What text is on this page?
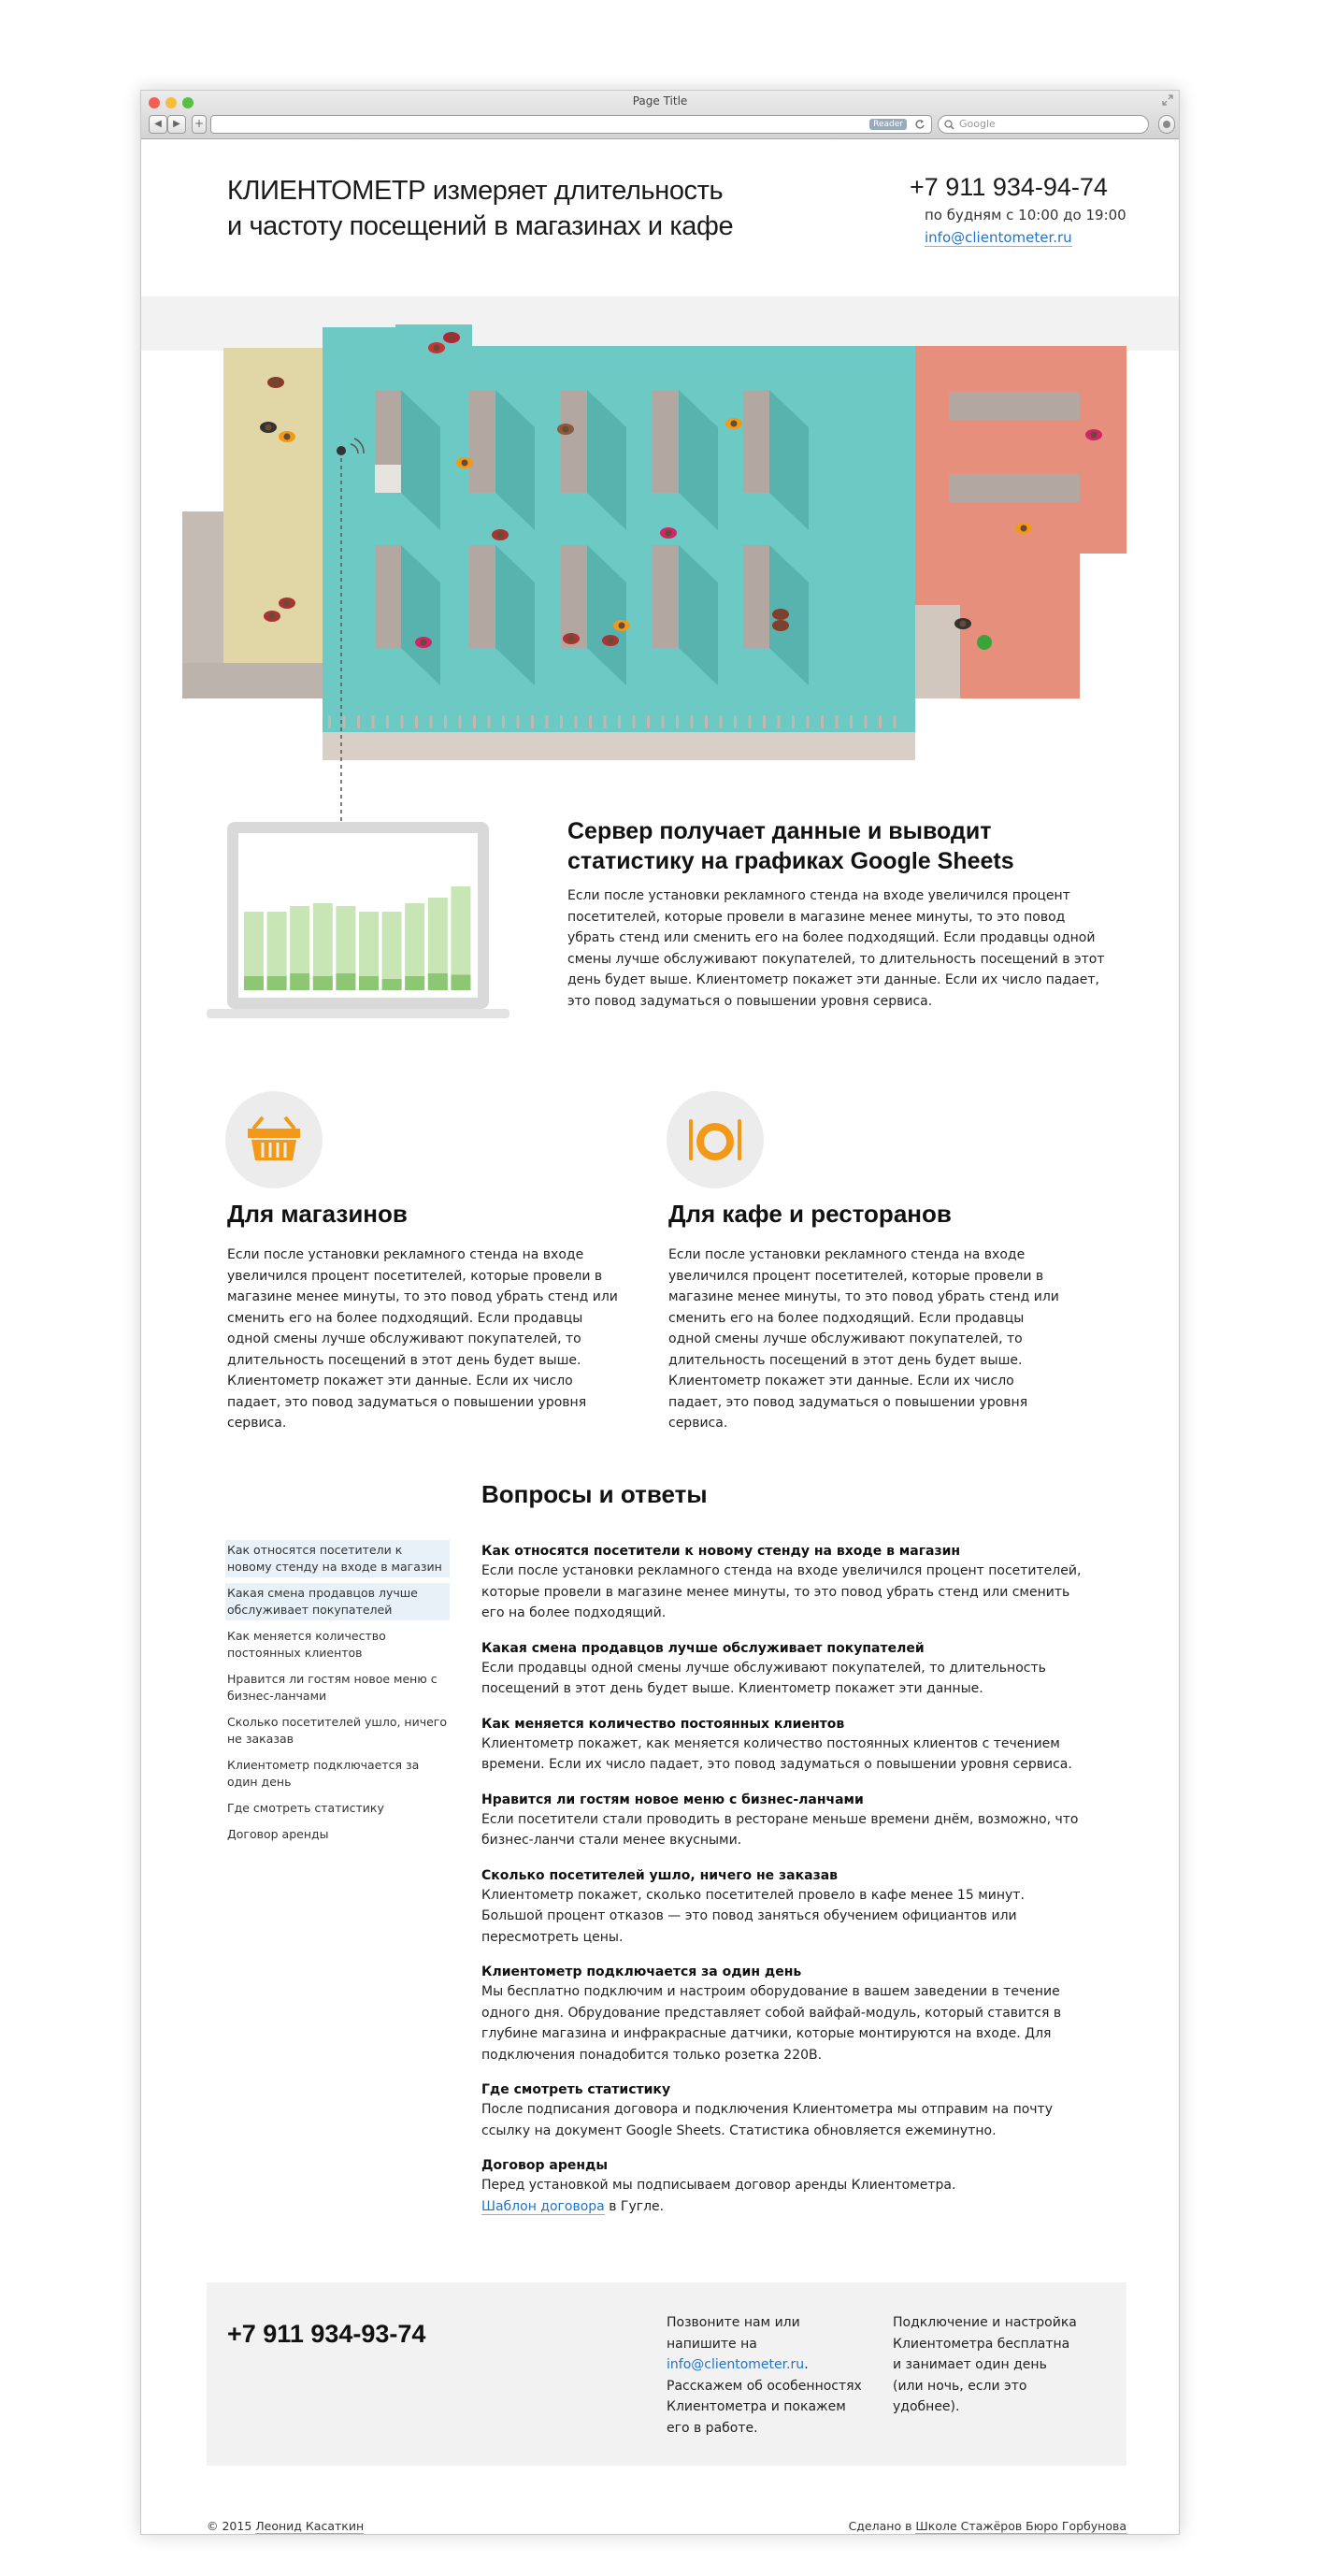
Page Title
◀	▶	+	Reader	Google
КЛИЕНТОМЕТР измеряет длительность
и частоту посещений в магазинах и кафе
+7 911 934-94-74
по будням с 10:00 до 19:00
info@clientometer.ru
Сервер получает данные и выводит
статистику на графиках Google Sheets
Если после установки рекламного стенда на входе увеличился процент посетителей, которые провели в магазине менее минуты, то это повод убрать стенд или сменить его на более подходящий. Если продавцы одной смены лучше обслуживают покупателей, то длительность посещений в этот день будет выше. Клиентометр покажет эти данные. Если их число падает, это повод задуматься о повышении уровня сервиса.
Для магазинов
Если после установки рекламного стенда на входе увеличился процент посетителей, которые провели в магазине менее минуты, то это повод убрать стенд или сменить его на более подходящий. Если продавцы одной смены лучше обслуживают покупателей, то длительность посещений в этот день будет выше. Клиентометр покажет эти данные. Если их число падает, это повод задуматься о повышении уровня сервиса.
Для кафе и ресторанов
Если после установки рекламного стенда на входе увеличился процент посетителей, которые провели в магазине менее минуты, то это повод убрать стенд или сменить его на более подходящий. Если продавцы одной смены лучше обслуживают покупателей, то длительность посещений в этот день будет выше. Клиентометр покажет эти данные. Если их число падает, это повод задуматься о повышении уровня сервиса.
Вопросы и ответы
Как относятся посетители к новому стенду на входе в магазин
Какая смена продавцов лучше обслуживает покупателей
Как меняется количество постоянных клиентов
Нравится ли гостям новое меню с бизнес-ланчами
Сколько посетителей ушло, ничего не заказав
Клиентометр подключается за один день
Где смотреть статистику
Договор аренды
Как относятся посетители к новому стенду на входе в магазин
Если после установки рекламного стенда на входе увеличился процент посетителей, которые провели в магазине менее минуты, то это повод убрать стенд или сменить его на более подходящий.
Какая смена продавцов лучше обслуживает покупателей
Если продавцы одной смены лучше обслуживают покупателей, то длительность посещений в этот день будет выше. Клиентометр покажет эти данные.
Как меняется количество постоянных клиентов
Клиентометр покажет, как меняется количество постоянных клиентов с течением времени. Если их число падает, это повод задуматься о повышении уровня сервиса.
Нравится ли гостям новое меню с бизнес-ланчами
Если посетители стали проводить в ресторане меньше времени днём, возможно, что бизнес-ланчи стали менее вкусными.
Сколько посетителей ушло, ничего не заказав
Клиентометр покажет, сколько посетителей провело в кафе менее 15 минут. Большой процент отказов — это повод заняться обучением официантов или пересмотреть цены.
Клиентометр подключается за один день
Мы бесплатно подключим и настроим оборудование в вашем заведении в течение одного дня. Обрудование представляет собой вайфай-модуль, который ставится в глубине магазина и инфракрасные датчики, которые монтируются на входе. Для подключения понадобится только розетка 220В.
Где смотреть статистику
После подписания договора и подключения Клиентометра мы отправим на почту ссылку на документ Google Sheets. Статистика обновляется ежеминутно.
Договор аренды
Перед установкой мы подписываем договор аренды Клиентометра.
Шаблон договора в Гугле.
+7 911 934-93-74	Позвоните нам или напишите на info@clientometer.ru. Расскажем об особенностях Клиентометра и покажем его в работе.
Подключение и настройка Клиентометра бесплатна и занимает один день (или ночь, если это удобнее).
© 2015 Леонид Касаткин	Сделано в Школе Стажёров Бюро Горбунова
